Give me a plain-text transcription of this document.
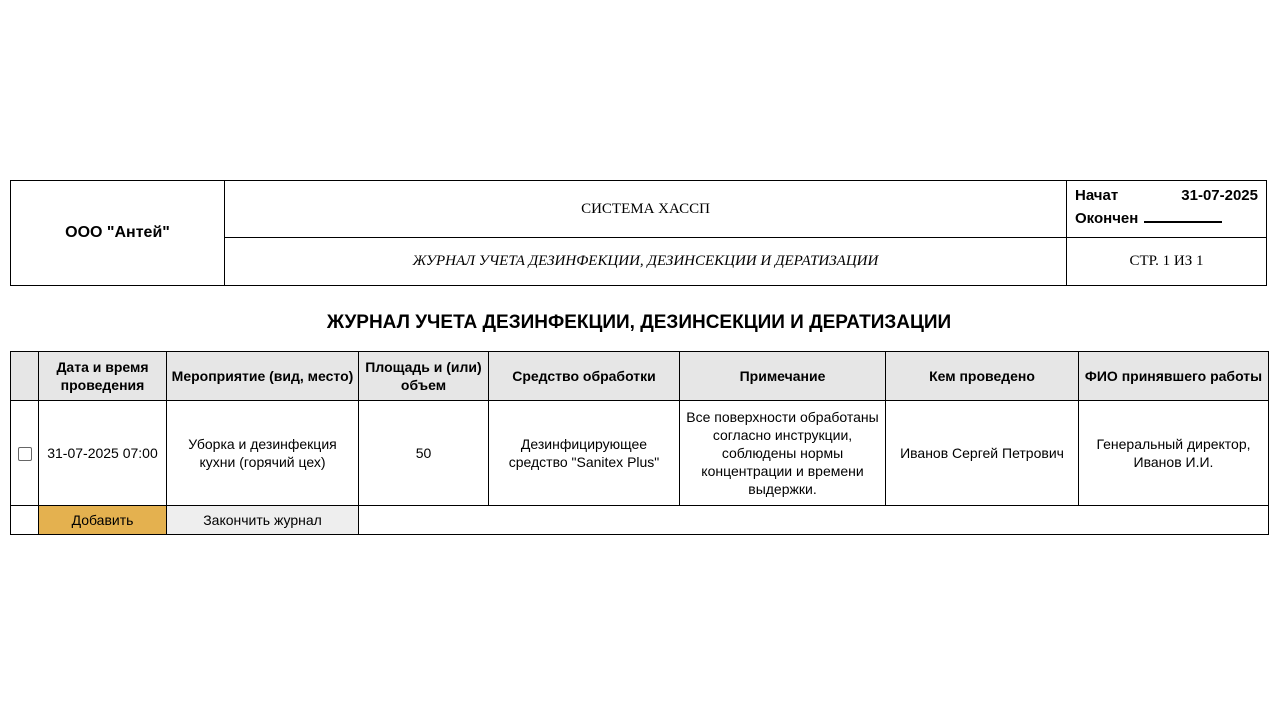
ООО "Антей"	СИСТЕМА ХАССП	Начат 31-07-2025
Окончен

	ЖУРНАЛ УЧЕТА ДЕЗИНФЕКЦИИ, ДЕЗИНСЕКЦИИ И ДЕРАТИЗАЦИИ	СТР. 1 ИЗ 1
ЖУРНАЛ УЧЕТА ДЕЗИНФЕКЦИИ, ДЕЗИНСЕКЦИИ И ДЕРАТИЗАЦИИ
	Дата и время проведения	Мероприятие (вид, место)	Площадь и (или) объем	Средство обработки	Примечание	Кем проведено	ФИО принявшего работы
	31-07-2025 07:00	Уборка и дезинфекция кухни (горячий цех)	50	Дезинфицирующее средство "Sanitex Plus"	Все поверхности обработаны согласно инструкции, соблюдены нормы концентрации и времени выдержки.	Иванов Сергей Петрович	Генеральный директор, Иванов И.И.
	Добавить	Закончить журнал					
